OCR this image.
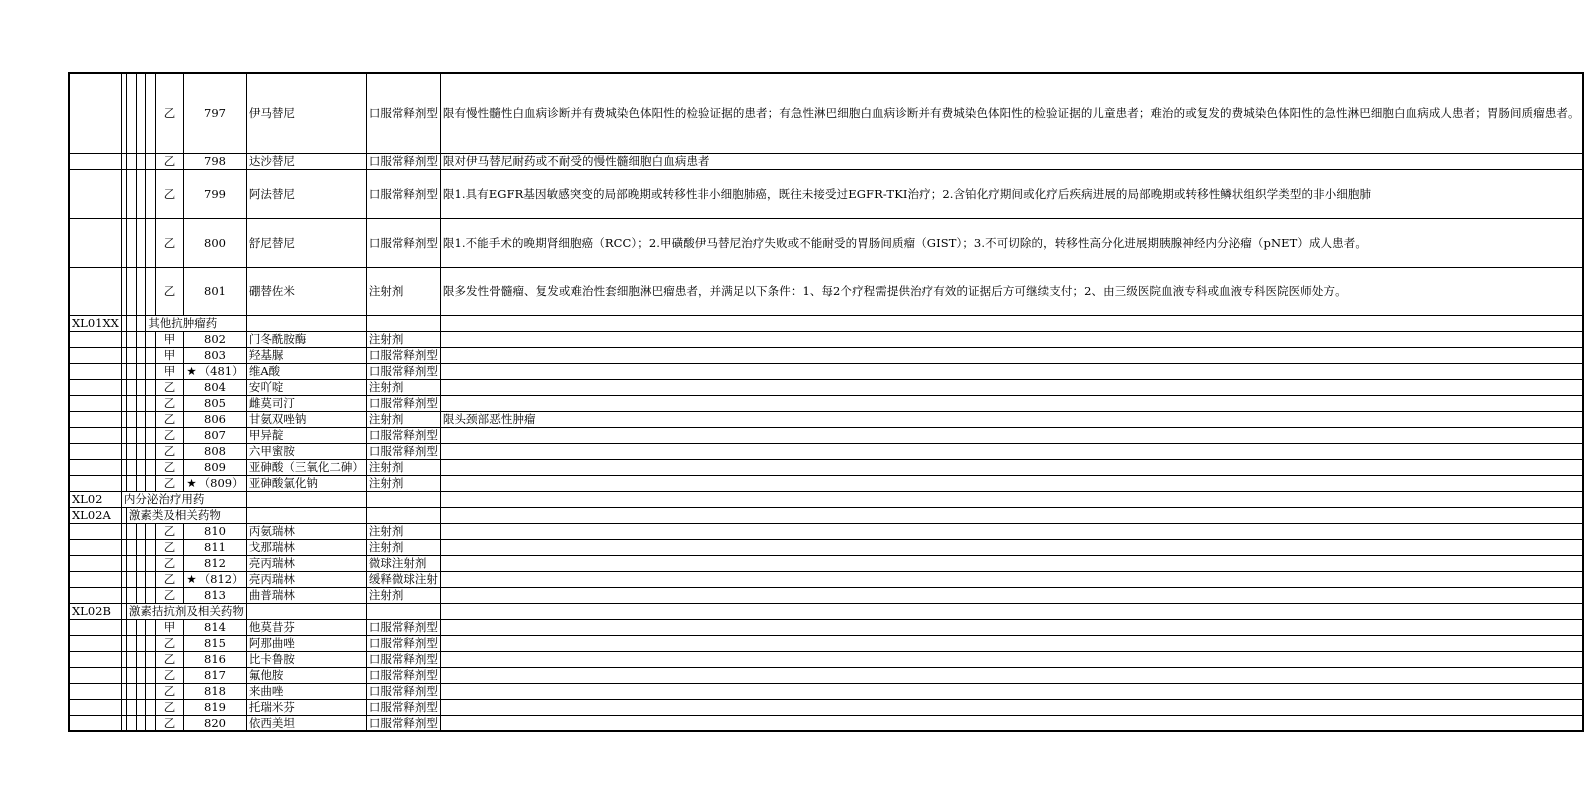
					乙	797	伊马替尼	口服常释剂型	限有慢性髓性白血病诊断并有费城染色体阳性的检验证据的患者；有急性淋巴细胞白血病诊断并有费城染色体阳性的检验证据的儿童患者；难治的或复发的费城染色体阳性的急性淋巴细胞白血病成人患者；胃肠间质瘤患者。
					乙	798	达沙替尼	口服常释剂型	限对伊马替尼耐药或不耐受的慢性髓细胞白血病患者
					乙	799	阿法替尼	口服常释剂型	限1.具有EGFR基因敏感突变的局部晚期或转移性非小细胞肺癌，既往未接受过EGFR-TKI治疗；2.含铂化疗期间或化疗后疾病进展的局部晚期或转移性鳞状组织学类型的非小细胞肺
					乙	800	舒尼替尼	口服常释剂型	限1.不能手术的晚期肾细胞癌（RCC）；2.甲磺酸伊马替尼治疗失败或不能耐受的胃肠间质瘤（GIST）；3.不可切除的，转移性高分化进展期胰腺神经内分泌瘤（pNET）成人患者。
					乙	801	硼替佐米	注射剂	限多发性骨髓瘤、复发或难治性套细胞淋巴瘤患者，并满足以下条件：1、每2个疗程需提供治疗有效的证据后方可继续支付；2、由三级医院血液专科或血液专科医院医师处方。
XL01XX				其他抗肿瘤药					
					甲	802	门冬酰胺酶	注射剂	
					甲	803	羟基脲	口服常释剂型	
					甲	★ （481）	维A酸	口服常释剂型	
					乙	804	安吖啶	注射剂	
					乙	805	雌莫司汀	口服常释剂型	
					乙	806	甘氨双唑钠	注射剂	限头颈部恶性肿瘤
					乙	807	甲异靛	口服常释剂型	
					乙	808	六甲蜜胺	口服常释剂型	
					乙	809	亚砷酸（三氧化二砷）	注射剂	
					乙	★ （809）	亚砷酸氯化钠	注射剂	
XL02	内分泌治疗用药								
XL02A		激素类及相关药物							
					乙	810	丙氨瑞林	注射剂	
					乙	811	戈那瑞林	注射剂	
					乙	812	亮丙瑞林	微球注射剂	
					乙	★ （812）	亮丙瑞林	缓释微球注射	
					乙	813	曲普瑞林	注射剂	
XL02B		激素拮抗剂及相关药物							
					甲	814	他莫昔芬	口服常释剂型	
					乙	815	阿那曲唑	口服常释剂型	
					乙	816	比卡鲁胺	口服常释剂型	
					乙	817	氟他胺	口服常释剂型	
					乙	818	来曲唑	口服常释剂型	
					乙	819	托瑞米芬	口服常释剂型	
					乙	820	依西美坦	口服常释剂型	
